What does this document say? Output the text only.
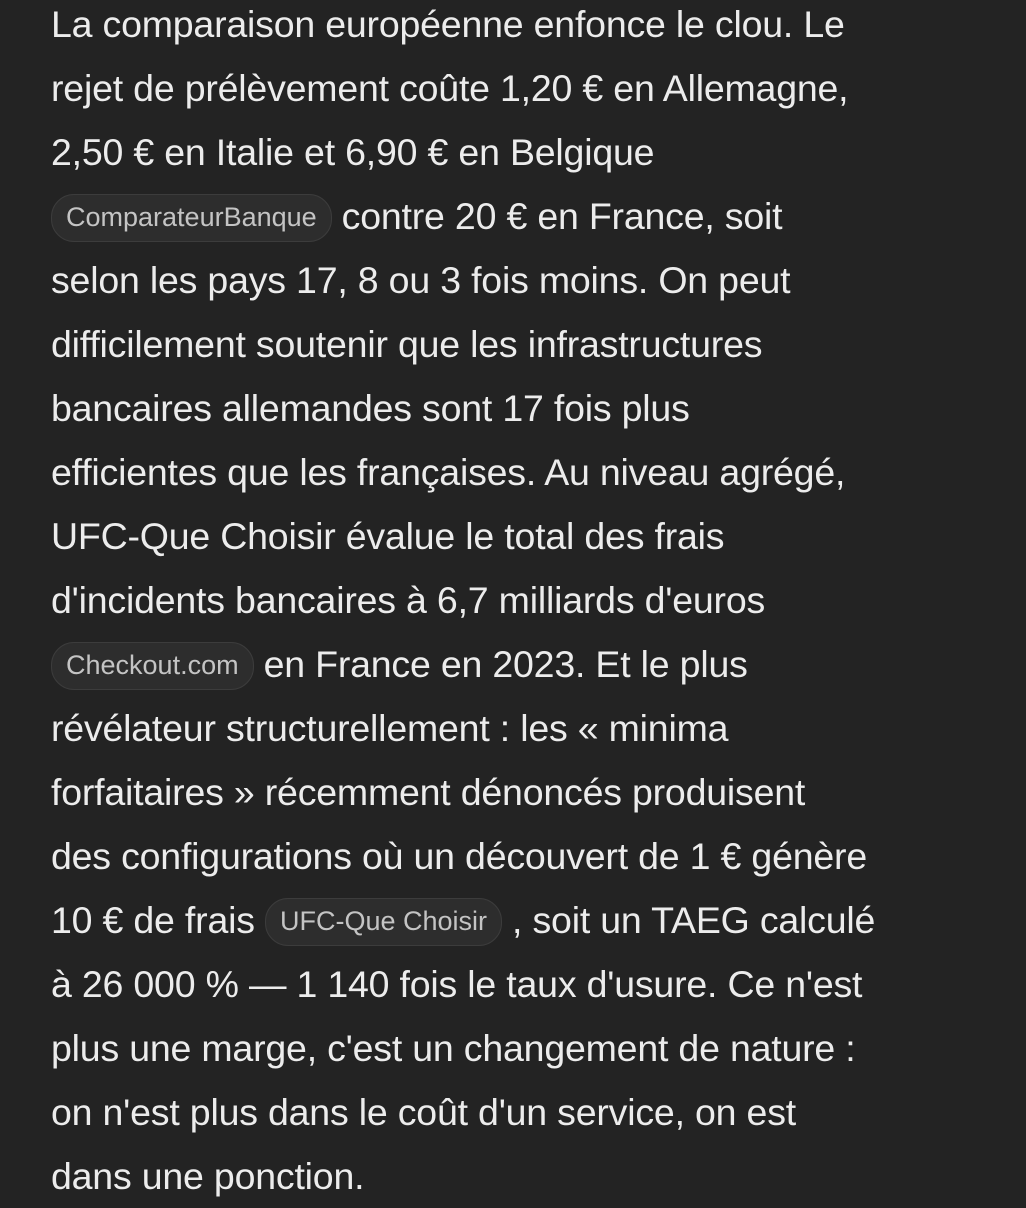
La comparaison européenne enfonce le clou. Le
rejet de prélèvement coûte 1,20 € en Allemagne,
2,50 € en Italie et 6,90 € en Belgique
ComparateurBanque contre 20 € en France, soit
selon les pays 17, 8 ou 3 fois moins. On peut
difficilement soutenir que les infrastructures
bancaires allemandes sont 17 fois plus
efficientes que les françaises. Au niveau agrégé,
UFC-Que Choisir évalue le total des frais
d'incidents bancaires à 6,7 milliards d'euros
Checkout.com en France en 2023. Et le plus
révélateur structurellement : les « minima
forfaitaires » récemment dénoncés produisent
des configurations où un découvert de 1 € génère
10 € de frais UFC-Que Choisir , soit un TAEG calculé
à 26 000 % — 1 140 fois le taux d'usure. Ce n'est
plus une marge, c'est un changement de nature :
on n'est plus dans le coût d'un service, on est
dans une ponction.
